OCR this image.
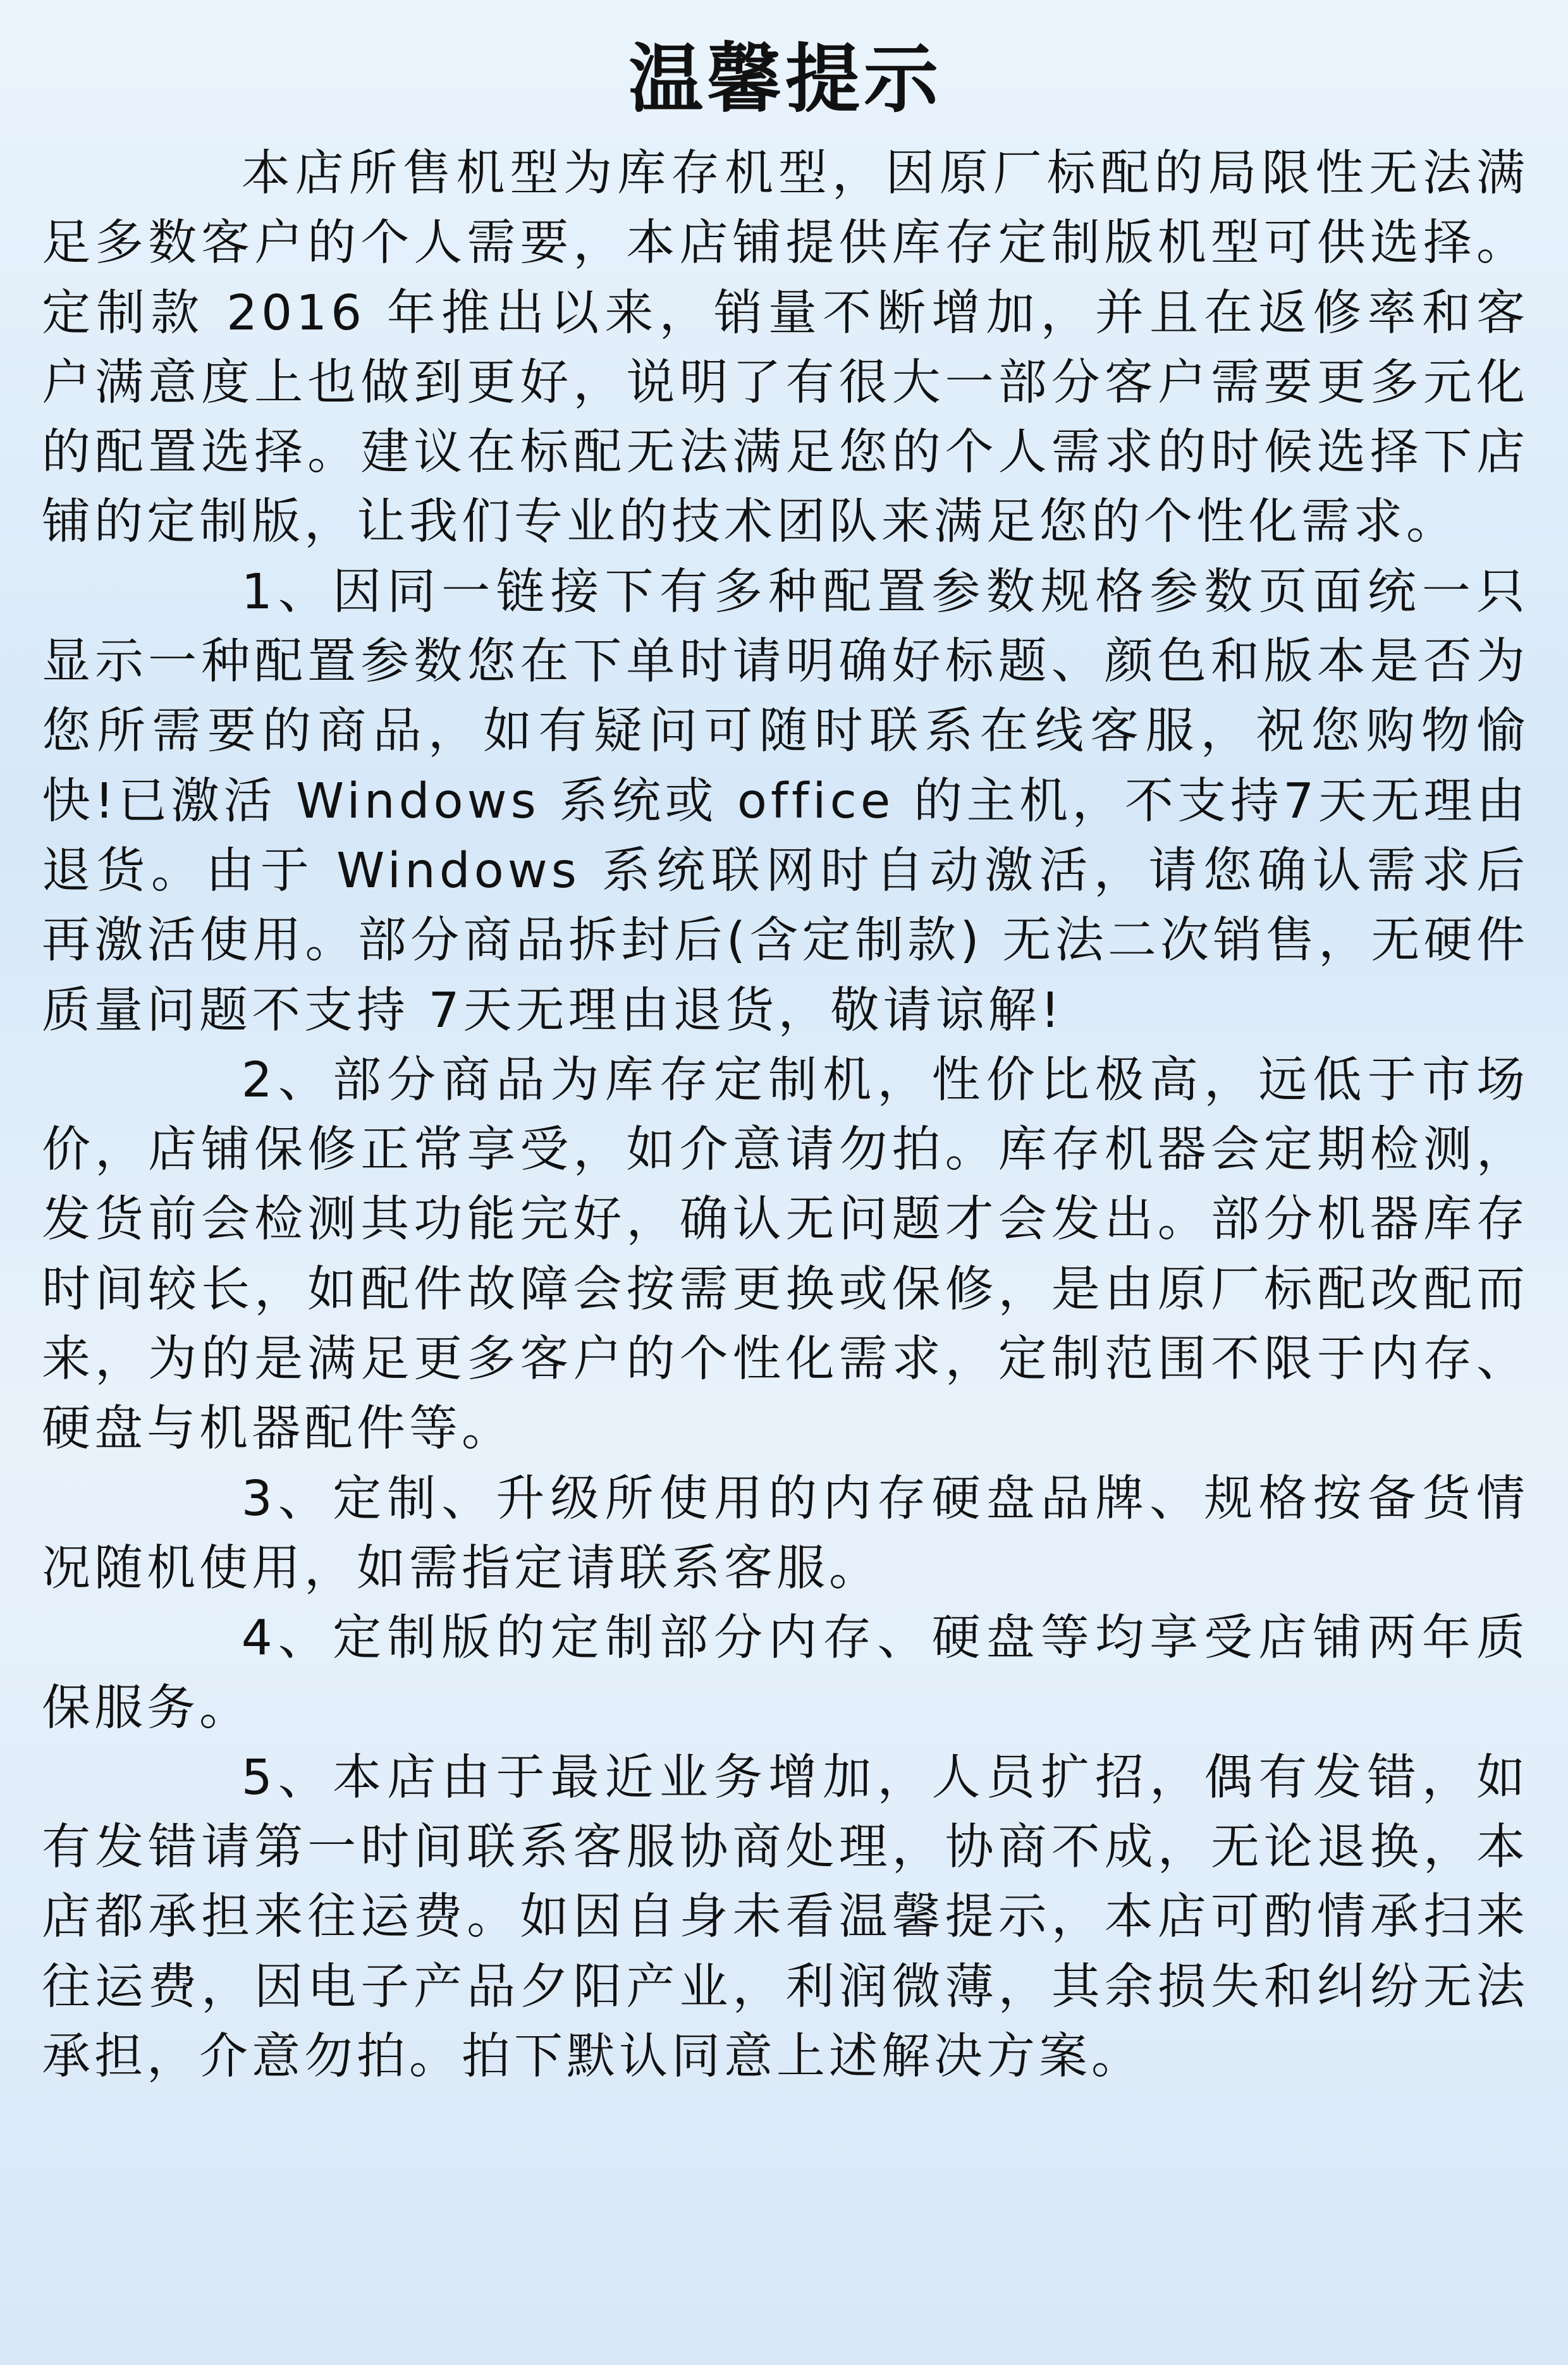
温馨提示

本店所售机型为库存机型，因原厂标配的局限性无法满足多数客户的个人需要，本店铺提供库存定制版机型可供选择。定制款 2016 年推出以来，销量不断增加，并且在返修率和客户满意度上也做到更好，说明了有很大一部分客户需要更多元化的配置选择。建议在标配无法满足您的个人需求的时候选择下店铺的定制版，让我们专业的技术团队来满足您的个性化需求。

1、因同一链接下有多种配置参数规格参数页面统一只显示一种配置参数您在下单时请明确好标题、颜色和版本是否为您所需要的商品，如有疑问可随时联系在线客服，祝您购物愉快!已激活 Windows 系统或 office 的主机，不支持7天无理由退货。由于 Windows 系统联网时自动激活，请您确认需求后再激活使用。部分商品拆封后(含定制款) 无法二次销售，无硬件质量问题不支持 7天无理由退货，敬请谅解!

2、部分商品为库存定制机，性价比极高，远低于市场价，店铺保修正常享受，如介意请勿拍。库存机器会定期检测，发货前会检测其功能完好，确认无问题才会发出。部分机器库存时间较长，如配件故障会按需更换或保修，是由原厂标配改配而来，为的是满足更多客户的个性化需求，定制范围不限于内存、硬盘与机器配件等。

3、定制、升级所使用的内存硬盘品牌、规格按备货情况随机使用，如需指定请联系客服。

4、定制版的定制部分内存、硬盘等均享受店铺两年质保服务。

5、本店由于最近业务增加，人员扩招，偶有发错，如有发错请第一时间联系客服协商处理，协商不成，无论退换，本店都承担来往运费。如因自身未看温馨提示，本店可酌情承扫来往运费，因电子产品夕阳产业，利润微薄，其余损失和纠纷无法承担，介意勿拍。拍下默认同意上述解决方案。
